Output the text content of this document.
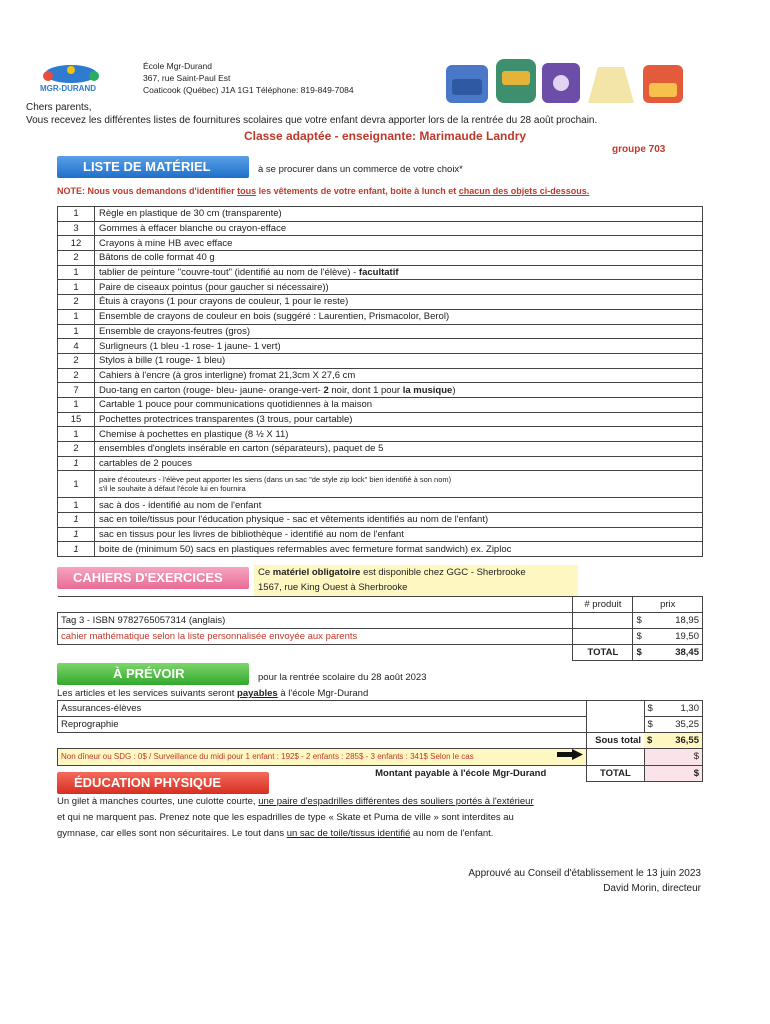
MGR-DURAND
École Mgr-Durand
367, rue Saint-Paul Est
Coaticook (Québec) J1A 1G1 Téléphone: 819-849-7084
Chers parents,
Vous recevez les différentes listes de fournitures scolaires que votre enfant devra apporter lors de la rentrée du 28 août prochain.
Classe adaptée - enseignante: Marimaude Landry
groupe 703
LISTE DE MATÉRIEL	à se procurer dans un commerce de votre choix*
NOTE: Nous vous demandons d'identifier tous les vêtements de votre enfant, boite à lunch et chacun des objets ci-dessous.
1	Règle en plastique de 30 cm (transparente)
3	Gommes à effacer blanche ou crayon-efface
12	Crayons à mine HB avec efface
2	Bâtons de colle format 40 g
1	tablier de peinture "couvre-tout" (identifié au nom de l'élève) - facultatif
1	Paire de ciseaux pointus (pour gaucher si nécessaire))
2	Étuis à crayons (1 pour crayons de couleur, 1 pour le reste)
1	Ensemble de crayons de couleur en bois (suggéré : Laurentien, Prismacolor, Berol)
1	Ensemble de crayons-feutres (gros)
4	Surligneurs (1 bleu -1 rose- 1 jaune- 1 vert)
2	Stylos à bille (1 rouge- 1 bleu)
2	Cahiers à l'encre (à gros interligne) fromat 21,3cm X 27,6 cm
7	Duo-tang en carton (rouge- bleu- jaune- orange-vert- 2 noir, dont 1 pour la musique)
1	Cartable 1 pouce pour communications quotidiennes à la maison
15	Pochettes protectrices transparentes (3 trous, pour cartable)
1	Chemise à pochettes en plastique (8 ½ X 11)
2	ensembles d'onglets insérable en carton (séparateurs), paquet de 5
1	cartables de 2 pouces
1	paire d'écouteurs - l'élève peut apporter les siens (dans un sac "de style zip lock" bien identifié à son nom)
s'il le souhaite à défaut l'école lui en fournira

1	sac à dos - identifié au nom de l'enfant
1	sac en toile/tissus pour l'éducation physique - sac et vêtements identifiés au nom de l'enfant)
1	sac en tissus pour les livres de bibliothèque - identifié au nom de l'enfant
1	boite de (minimum 50) sacs en plastiques refermables avec fermeture format sandwich) ex. Ziploc
CAHIERS D'EXERCICES	Ce matériel obligatoire est disponible chez GGC - Sherbrooke
1567, rue King Ouest à Sherbrooke
	# produit	prix	
Tag 3 - ISBN 9782765057314 (anglais)		$	18,95
cahier mathématique selon la liste personnalisée envoyée aux parents		$	19,50
	TOTAL	$	38,45
À PRÉVOIR	pour la rentrée scolaire du 28 août 2023
Les articles et les services suivants seront payables à l'école Mgr-Durand
Assurances-élèves			$	1,30
Reprographie			$	35,25
		Sous total	$	36,55
Non dîneur ou SDG : 0$ / Surveillance du midi pour 1 enfant : 192$ - 2 enfants : 285$ - 3 enfants : 341$ Selon le cas				$
Montant payable à l'école Mgr-Durand		TOTAL		$
ÉDUCATION PHYSIQUE
Un gilet à manches courtes, une culotte courte, une paire d'espadrilles différentes des souliers portés à l'extérieur
et qui ne marquent pas. Prenez note que les espadrilles de type « Skate et Puma de ville » sont interdites au
gymnase, car elles sont non sécuritaires. Le tout dans un sac de toile/tissus identifié au nom de l'enfant.
Approuvé au Conseil d'établissement le 13 juin 2023
David Morin, directeur
